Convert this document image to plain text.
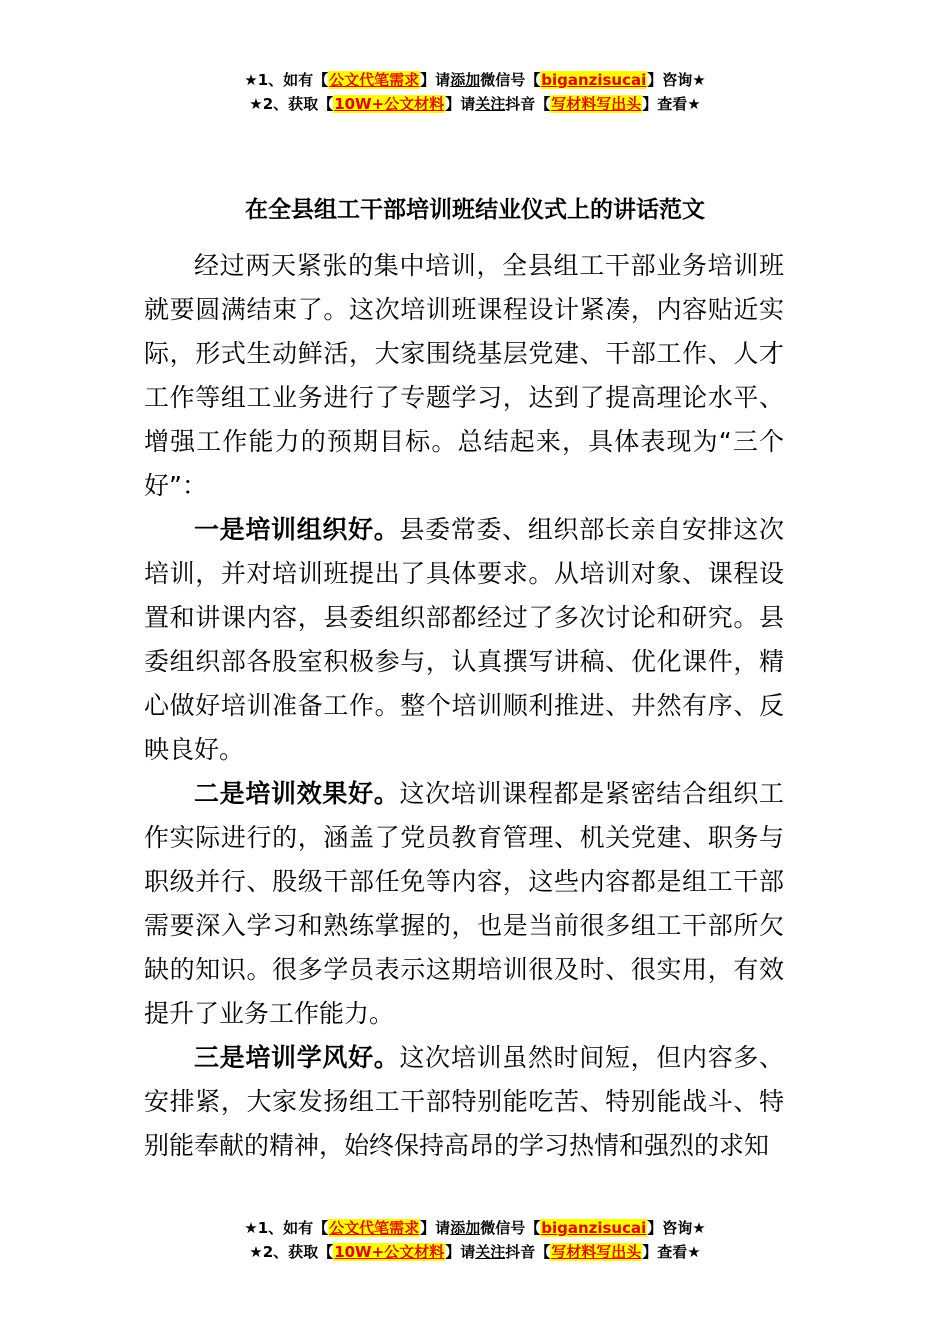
★1、如有【公文代笔需求】请添加微信号【biganzisucai】咨询★
★2、获取【10W+公文材料】请关注抖音【写材料写出头】查看★
在全县组工干部培训班结业仪式上的讲话范文

经过两天紧张的集中培训，全县组工干部业务培训班就要圆满结束了。这次培训班课程设计紧凑，内容贴近实际，形式生动鲜活，大家围绕基层党建、干部工作、人才工作等组工业务进行了专题学习，达到了提高理论水平、增强工作能力的预期目标。总结起来，具体表现为“三个好”：

一是培训组织好。县委常委、组织部长亲自安排这次培训，并对培训班提出了具体要求。从培训对象、课程设置和讲课内容，县委组织部都经过了多次讨论和研究。县委组织部各股室积极参与，认真撰写讲稿、优化课件，精心做好培训准备工作。整个培训顺利推进、井然有序、反映良好。

二是培训效果好。这次培训课程都是紧密结合组织工作实际进行的，涵盖了党员教育管理、机关党建、职务与职级并行、股级干部任免等内容，这些内容都是组工干部需要深入学习和熟练掌握的，也是当前很多组工干部所欠缺的知识。很多学员表示这期培训很及时、很实用，有效提升了业务工作能力。

三是培训学风好。这次培训虽然时间短，但内容多、安排紧，大家发扬组工干部特别能吃苦、特别能战斗、特别能奉献的精神，始终保持高昂的学习热情和强烈的求知

★1、如有【公文代笔需求】请添加微信号【biganzisucai】咨询★
★2、获取【10W+公文材料】请关注抖音【写材料写出头】查看★
